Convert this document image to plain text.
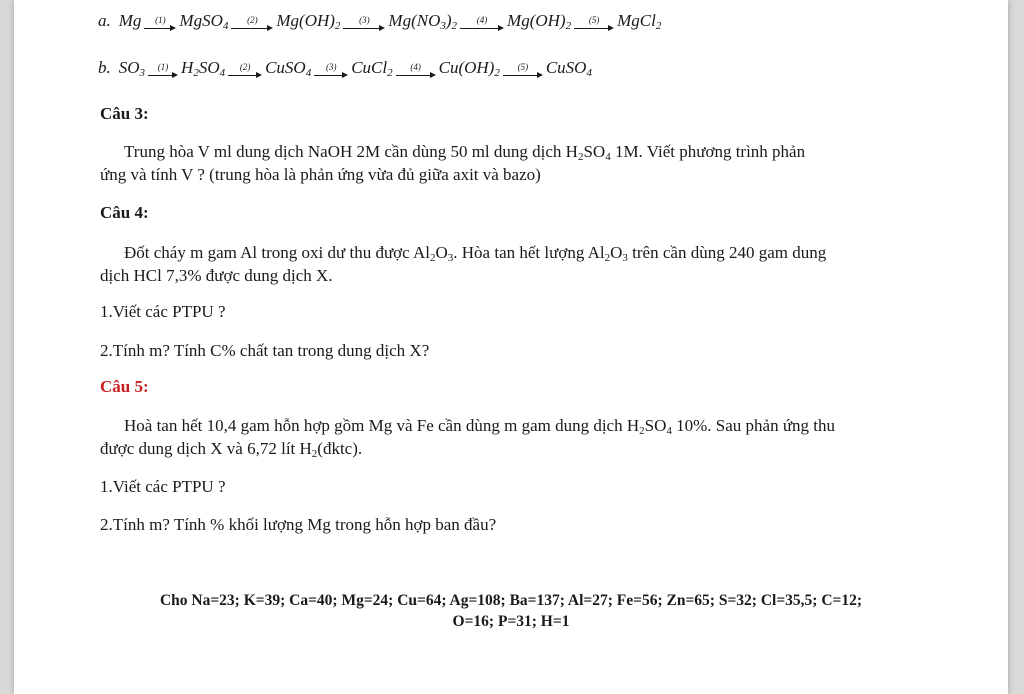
a. Mg (1) MgSO$_4$ (2) $Mg(OH)_2$ (3) $Mg(NO_3)_2$ (4) $Mg(OH)_2$ (5) MgCl$_2$
b. $SO_3$ (1) $H_2SO_4$ (2) CuSO$_4$ (3) CuCl$_2$ (4) $Cu(OH)_2$ (5) CuSO$_4$
Câu 3:
Trung hòa V ml dung dịch NaOH 2M cần dùng 50 ml dung dịch $H_2SO_4$ 1M. Viết phương trình phản
ứng và tính V ? (trung hòa là phản ứng vừa đủ giữa axit và bazo)
Câu 4:
Đốt cháy m gam Al trong oxi dư thu được $Al_2O_3$. Hòa tan hết lượng $Al_2O_3$ trên cần dùng 240 gam dung
dịch HCl 7,3% được dung dịch X.
1.Viết các PTPU ?
2.Tính m? Tính C% chất tan trong dung dịch X?
Câu 5:
Hoà tan hết 10,4 gam hỗn hợp gồm Mg và Fe cần dùng m gam dung dịch $H_2SO_4$ 10%. Sau phản ứng thu
được dung dịch X và 6,72 lít $H_2(đktc)$.
1.Viết các PTPU ?
2.Tính m? Tính % khối lượng Mg trong hỗn hợp ban đầu?
Cho Na=23; K=39; Ca=40; Mg=24; Cu=64; Ag=108; Ba=137; Al=27; Fe=56; Zn=65; S=32; Cl=35,5; C=12;
O=16; P=31; H=1
